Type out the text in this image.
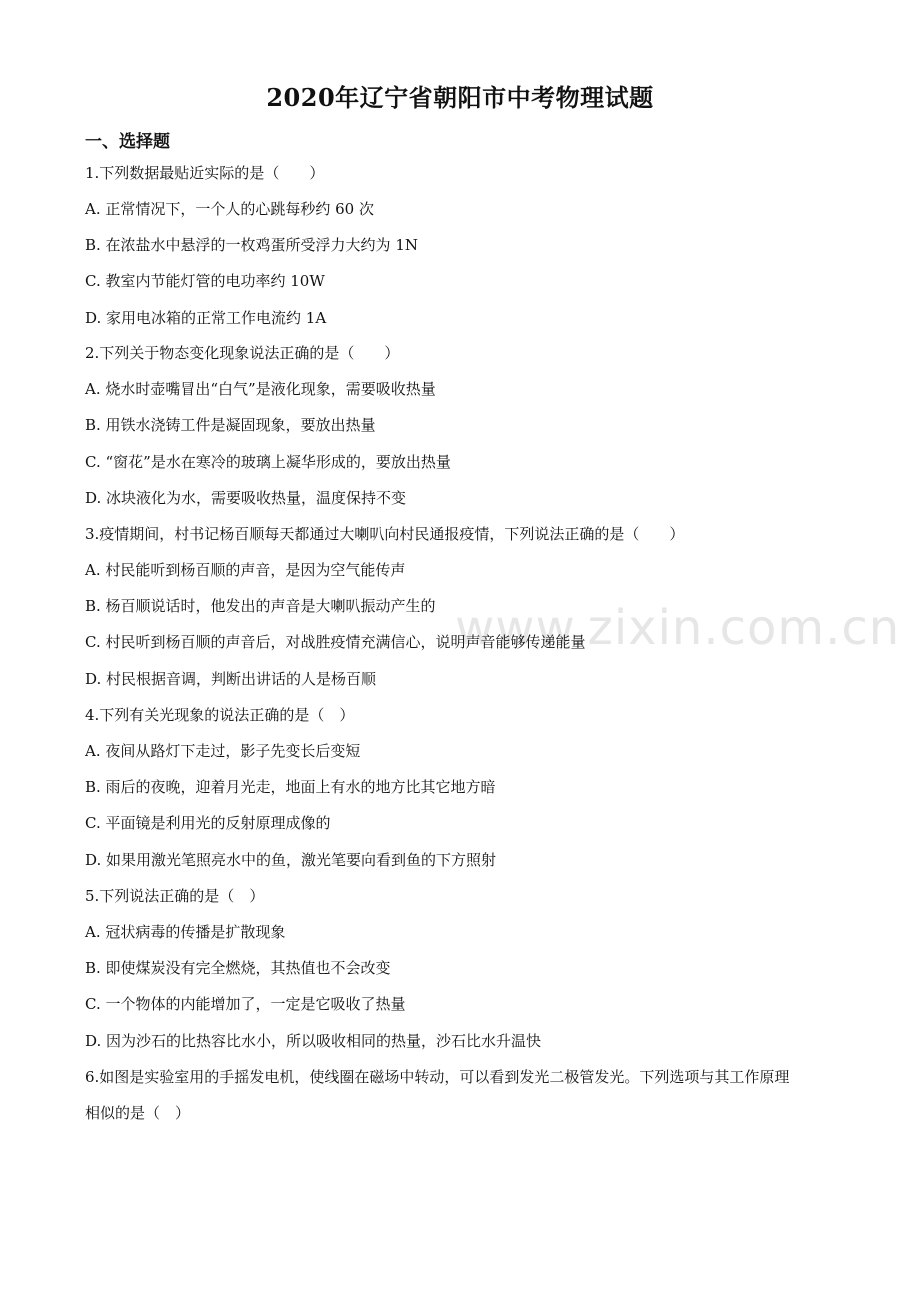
www.zixin.com.cn
2020年辽宁省朝阳市中考物理试题
一、选择题
1.下列数据最贴近实际的是（　　）
A. 正常情况下，一个人的心跳每秒约 60 次
B. 在浓盐水中悬浮的一枚鸡蛋所受浮力大约为 1N
C. 教室内节能灯管的电功率约 10W
D. 家用电冰箱的正常工作电流约 1A
2.下列关于物态变化现象说法正确的是（　　）
A. 烧水时壶嘴冒出“白气”是液化现象，需要吸收热量
B. 用铁水浇铸工件是凝固现象，要放出热量
C. “窗花”是水在寒冷的玻璃上凝华形成的，要放出热量
D. 冰块液化为水，需要吸收热量，温度保持不变
3.疫情期间，村书记杨百顺每天都通过大喇叭向村民通报疫情，下列说法正确的是（　　）
A. 村民能听到杨百顺的声音，是因为空气能传声
B. 杨百顺说话时，他发出的声音是大喇叭振动产生的
C. 村民听到杨百顺的声音后，对战胜疫情充满信心，说明声音能够传递能量
D. 村民根据音调，判断出讲话的人是杨百顺
4.下列有关光现象的说法正确的是（　）
A. 夜间从路灯下走过，影子先变长后变短
B. 雨后的夜晚，迎着月光走，地面上有水的地方比其它地方暗
C. 平面镜是利用光的反射原理成像的
D. 如果用激光笔照亮水中的鱼，激光笔要向看到鱼的下方照射
5.下列说法正确的是（　）
A. 冠状病毒的传播是扩散现象
B. 即使煤炭没有完全燃烧，其热值也不会改变
C. 一个物体的内能增加了，一定是它吸收了热量
D. 因为沙石的比热容比水小，所以吸收相同的热量，沙石比水升温快
6.如图是实验室用的手摇发电机，使线圈在磁场中转动，可以看到发光二极管发光。下列选项与其工作原理
相似的是（　）
